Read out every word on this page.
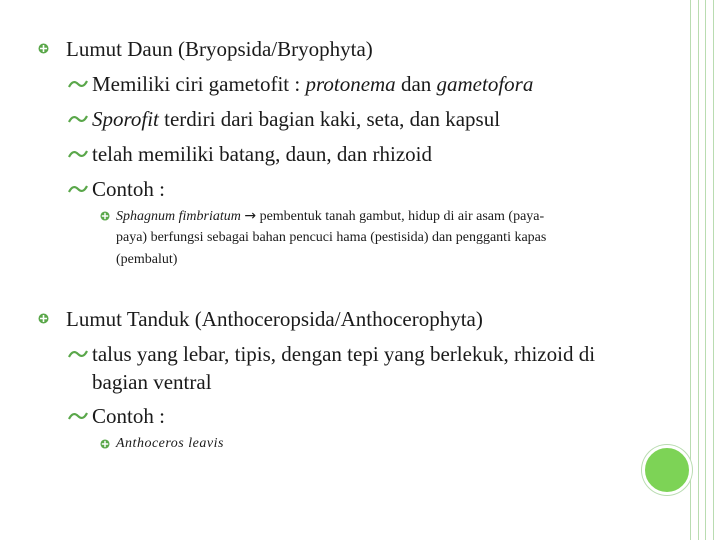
Lumut Daun (Bryopsida/Bryophyta)
Memiliki ciri gametofit : protonema dan gametofora
Sporofit terdiri dari bagian kaki, seta, dan kapsul
telah memiliki batang, daun, dan rhizoid
Contoh :
Sphagnum fimbriatum → pembentuk tanah gambut, hidup di air asam (paya-
paya) berfungsi sebagai bahan pencuci hama (pestisida) dan pengganti kapas
(pembalut)
Lumut Tanduk (Anthoceropsida/Anthocerophyta)
talus yang lebar, tipis, dengan tepi yang berlekuk, rhizoid di
bagian ventral
Contoh :
Anthoceros leavis
